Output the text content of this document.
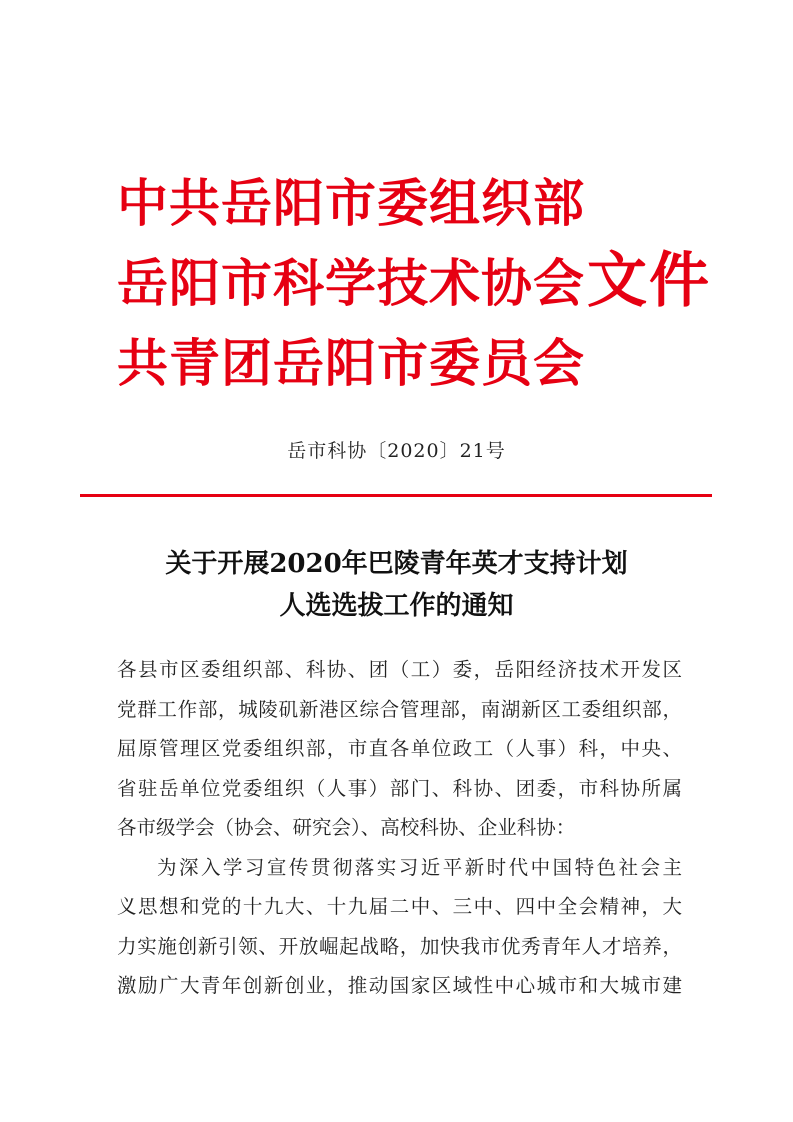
中共岳阳市委组织部
岳阳市科学技术协会
共青团岳阳市委员会
文件
岳市科协〔2020〕21号
关于开展2020年巴陵青年英才支持计划
人选选拔工作的通知
各县市区委组织部、科协、团（工）委，岳阳经济技术开发区
党群工作部，城陵矶新港区综合管理部，南湖新区工委组织部，
屈原管理区党委组织部，市直各单位政工（人事）科，中央、
省驻岳单位党委组织（人事）部门、科协、团委，市科协所属
各市级学会（协会、研究会）、高校科协、企业科协：
为深入学习宣传贯彻落实习近平新时代中国特色社会主
义思想和党的十九大、十九届二中、三中、四中全会精神，大
力实施创新引领、开放崛起战略，加快我市优秀青年人才培养，
激励广大青年创新创业，推动国家区域性中心城市和大城市建
